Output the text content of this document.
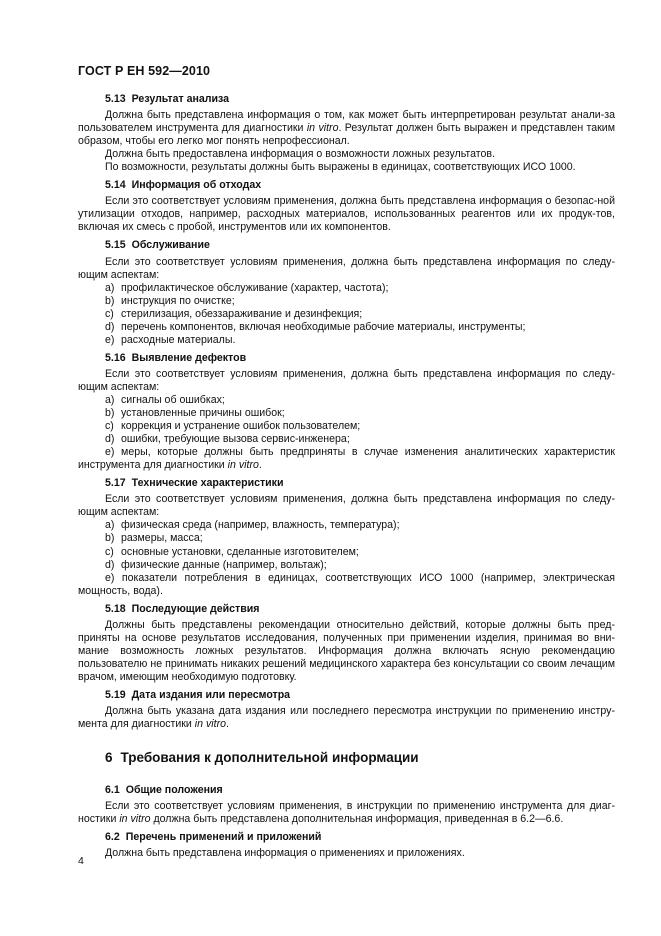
ГОСТ Р ЕН 592—2010

5.13 Результат анализа

Должна быть представлена информация о том, как может быть интерпретирован результат анали-за пользователем инструмента для диагностики in vitro. Результат должен быть выражен и представлен таким образом, чтобы его легко мог понять непрофессионал.

Должна быть предоставлена информация о возможности ложных результатов.

По возможности, результаты должны быть выражены в единицах, соответствующих ИСО 1000.

5.14 Информация об отходах

Если это соответствует условиям применения, должна быть представлена информация о безопас-ной утилизации отходов, например, расходных материалов, использованных реагентов или их продук-тов, включая их смесь с пробой, инструментов или их компонентов.

5.15 Обслуживание

Если это соответствует условиям применения, должна быть представлена информация по следу-ющим аспектам:

a) профилактическое обслуживание (характер, частота);

b) инструкция по очистке;

c) стерилизация, обеззараживание и дезинфекция;

d) перечень компонентов, включая необходимые рабочие материалы, инструменты;

e) расходные материалы.

5.16 Выявление дефектов

Если это соответствует условиям применения, должна быть представлена информация по следу-ющим аспектам:

a) сигналы об ошибках;

b) установленные причины ошибок;

c) коррекция и устранение ошибок пользователем;

d) ошибки, требующие вызова сервис-инженера;

e) меры, которые должны быть предприняты в случае изменения аналитических характеристик инструмента для диагностики in vitro.

5.17 Технические характеристики

Если это соответствует условиям применения, должна быть представлена информация по следу-ющим аспектам:

a) физическая среда (например, влажность, температура);

b) размеры, масса;

c) основные установки, сделанные изготовителем;

d) физические данные (например, вольтаж);

e) показатели потребления в единицах, соответствующих ИСО 1000 (например, электрическая мощность, вода).

5.18 Последующие действия

Должны быть представлены рекомендации относительно действий, которые должны быть пред-приняты на основе результатов исследования, полученных при применении изделия, принимая во вни-мание возможность ложных результатов. Информация должна включать ясную рекомендацию пользователю не принимать никаких решений медицинского характера без консультации со своим лечащим врачом, имеющим необходимую подготовку.

5.19 Дата издания или пересмотра

Должна быть указана дата издания или последнего пересмотра инструкции по применению инстру-мента для диагностики in vitro.

6 Требования к дополнительной информации

6.1 Общие положения

Если это соответствует условиям применения, в инструкции по применению инструмента для диаг-ностики in vitro должна быть представлена дополнительная информация, приведенная в 6.2—6.6.

6.2 Перечень применений и приложений

Должна быть представлена информация о применениях и приложениях.

4
